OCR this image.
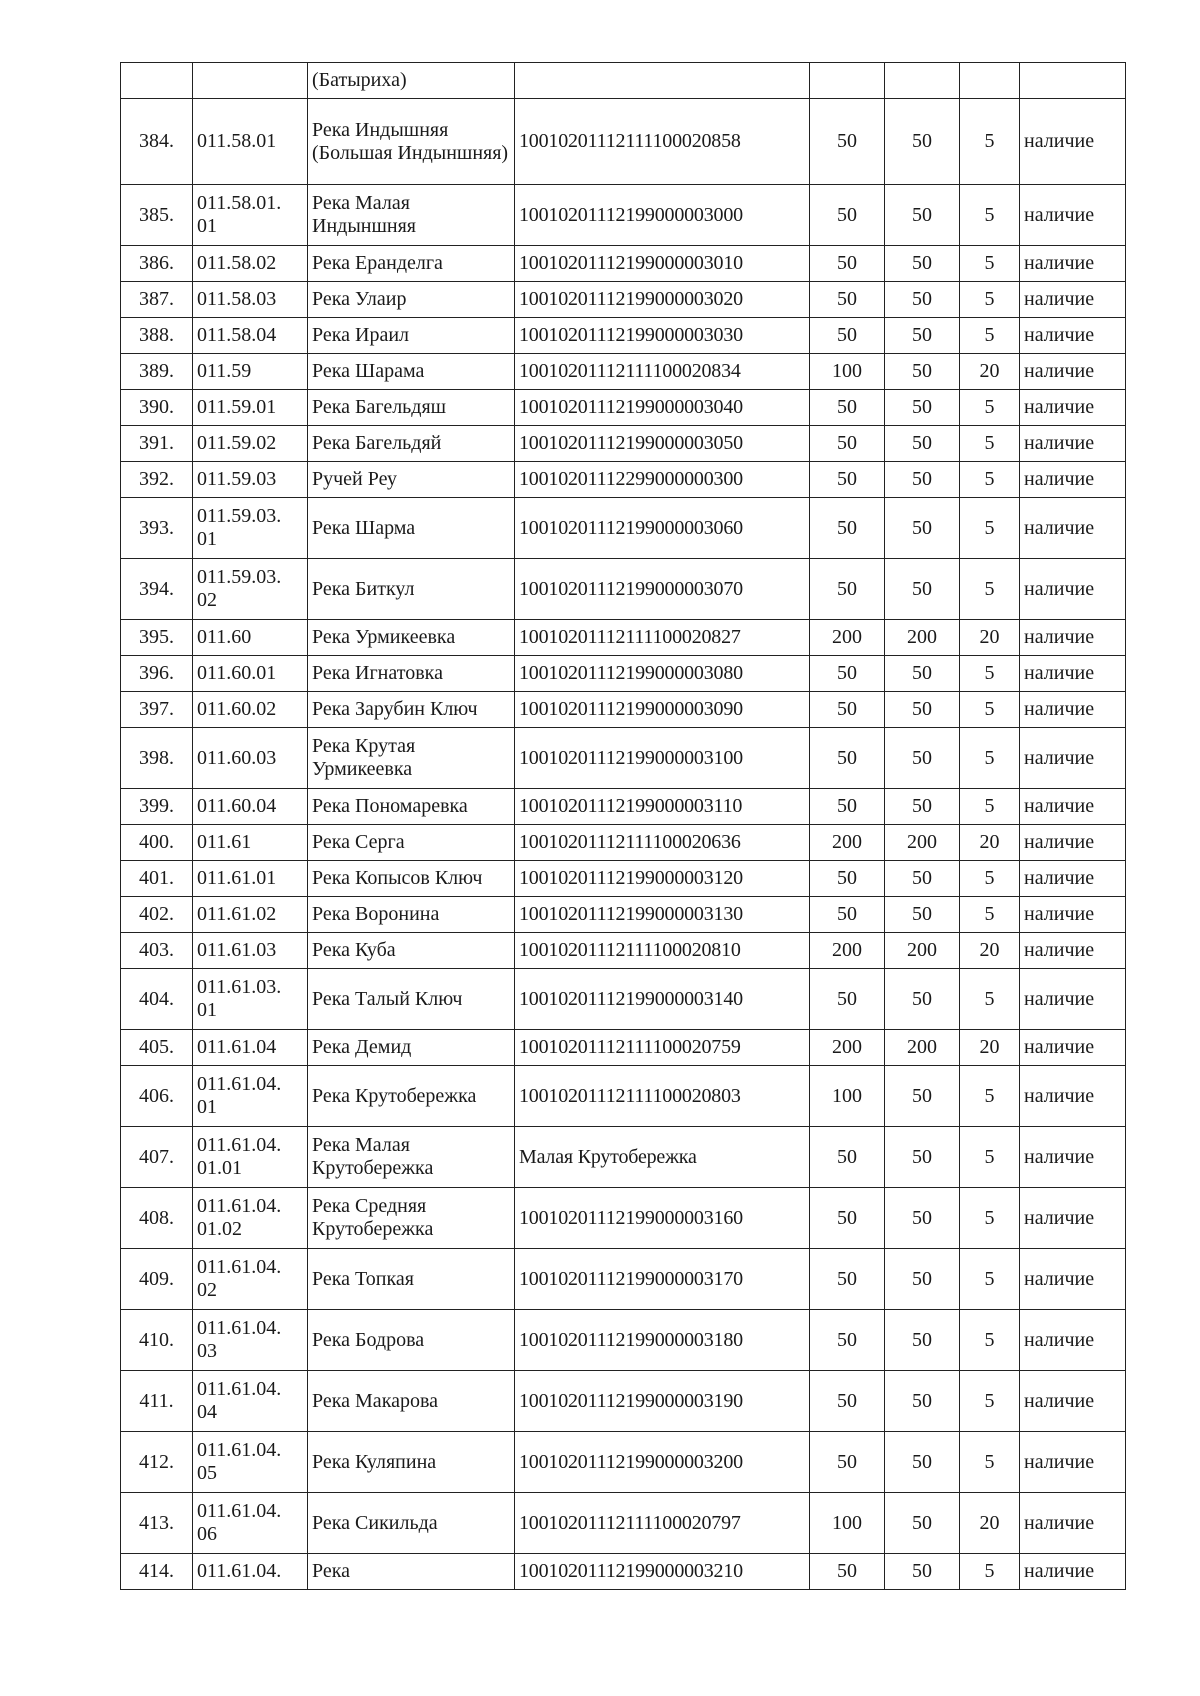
		(Батыриха)					
384.	011.58.01	Река Индышняя (Большая Индыншняя)	10010201112111100020858	50	50	5	наличие
385.	011.58.01. 01	Река Малая Индыншняя	10010201112199000003000	50	50	5	наличие
386.	011.58.02	Река Еранделга	10010201112199000003010	50	50	5	наличие
387.	011.58.03	Река Улаир	10010201112199000003020	50	50	5	наличие
388.	011.58.04	Река Ираил	10010201112199000003030	50	50	5	наличие
389.	011.59	Река Шарама	10010201112111100020834	100	50	20	наличие
390.	011.59.01	Река Багельдяш	10010201112199000003040	50	50	5	наличие
391.	011.59.02	Река Багельдяй	10010201112199000003050	50	50	5	наличие
392.	011.59.03	Ручей Реу	10010201112299000000300	50	50	5	наличие
393.	011.59.03. 01	Река Шарма	10010201112199000003060	50	50	5	наличие
394.	011.59.03. 02	Река Биткул	10010201112199000003070	50	50	5	наличие
395.	011.60	Река Урмикеевка	10010201112111100020827	200	200	20	наличие
396.	011.60.01	Река Игнатовка	10010201112199000003080	50	50	5	наличие
397.	011.60.02	Река Зарубин Ключ	10010201112199000003090	50	50	5	наличие
398.	011.60.03	Река Крутая Урмикеевка	10010201112199000003100	50	50	5	наличие
399.	011.60.04	Река Пономаревка	10010201112199000003110	50	50	5	наличие
400.	011.61	Река Серга	10010201112111100020636	200	200	20	наличие
401.	011.61.01	Река Копысов Ключ	10010201112199000003120	50	50	5	наличие
402.	011.61.02	Река Воронина	10010201112199000003130	50	50	5	наличие
403.	011.61.03	Река Куба	10010201112111100020810	200	200	20	наличие
404.	011.61.03. 01	Река Талый Ключ	10010201112199000003140	50	50	5	наличие
405.	011.61.04	Река Демид	10010201112111100020759	200	200	20	наличие
406.	011.61.04. 01	Река Крутобережка	10010201112111100020803	100	50	5	наличие
407.	011.61.04. 01.01	Река Малая Крутобережка	Малая Крутобережка	50	50	5	наличие
408.	011.61.04. 01.02	Река Средняя Крутобережка	10010201112199000003160	50	50	5	наличие
409.	011.61.04. 02	Река Топкая	10010201112199000003170	50	50	5	наличие
410.	011.61.04. 03	Река Бодрова	10010201112199000003180	50	50	5	наличие
411.	011.61.04. 04	Река Макарова	10010201112199000003190	50	50	5	наличие
412.	011.61.04. 05	Река Куляпина	10010201112199000003200	50	50	5	наличие
413.	011.61.04. 06	Река Сикильда	10010201112111100020797	100	50	20	наличие
414.	011.61.04.	Река	10010201112199000003210	50	50	5	наличие
